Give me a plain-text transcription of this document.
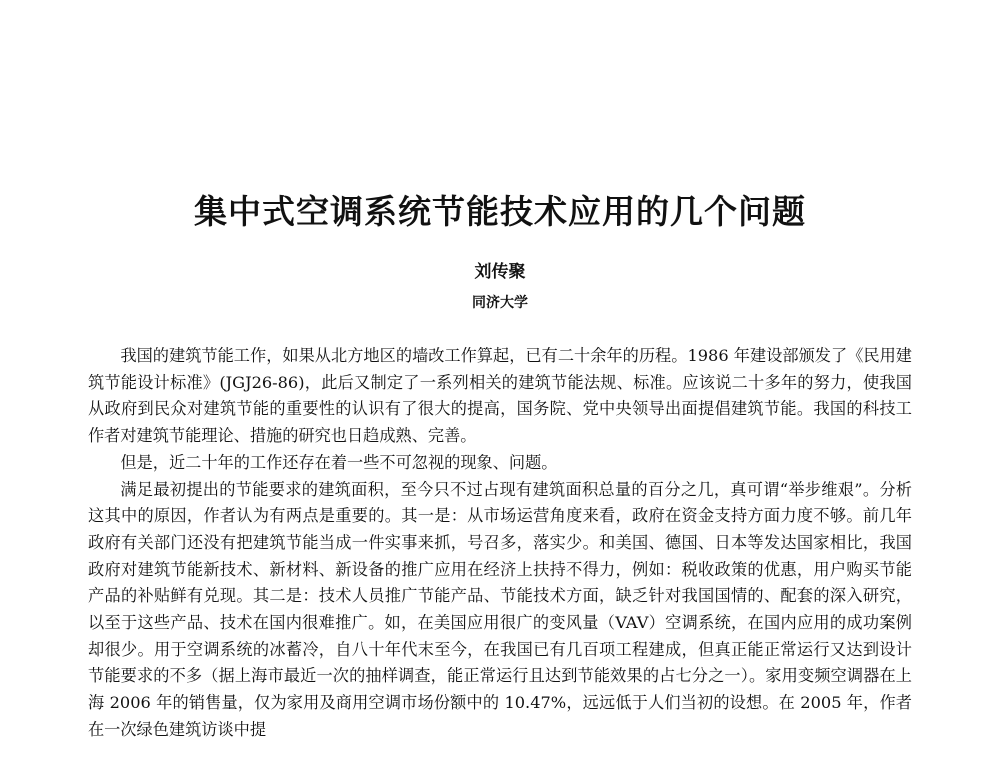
集中式空调系统节能技术应用的几个问题
刘传聚
同济大学

我国的建筑节能工作，如果从北方地区的墙改工作算起，已有二十余年的历程。1986 年建设部颁发了《民用建筑节能设计标准》(JGJ26-86)，此后又制定了一系列相关的建筑节能法规、标准。应该说二十多年的努力，使我国从政府到民众对建筑节能的重要性的认识有了很大的提高，国务院、党中央领导出面提倡建筑节能。我国的科技工作者对建筑节能理论、措施的研究也日趋成熟、完善。

但是，近二十年的工作还存在着一些不可忽视的现象、问题。

满足最初提出的节能要求的建筑面积，至今只不过占现有建筑面积总量的百分之几，真可谓“举步维艰”。分析这其中的原因，作者认为有两点是重要的。其一是：从市场运营角度来看，政府在资金支持方面力度不够。前几年政府有关部门还没有把建筑节能当成一件实事来抓，号召多，落实少。和美国、德国、日本等发达国家相比，我国政府对建筑节能新技术、新材料、新设备的推广应用在经济上扶持不得力，例如：税收政策的优惠，用户购买节能产品的补贴鲜有兑现。其二是：技术人员推广节能产品、节能技术方面，缺乏针对我国国情的、配套的深入研究，以至于这些产品、技术在国内很难推广。如，在美国应用很广的变风量（VAV）空调系统，在国内应用的成功案例却很少。用于空调系统的冰蓄冷，自八十年代末至今，在我国已有几百项工程建成，但真正能正常运行又达到设计节能要求的不多（据上海市最近一次的抽样调查，能正常运行且达到节能效果的占七分之一）。家用变频空调器在上海 2006 年的销售量，仅为家用及商用空调市场份额中的 10.47%，远远低于人们当初的设想。在 2005 年，作者在一次绿色建筑访谈中提
